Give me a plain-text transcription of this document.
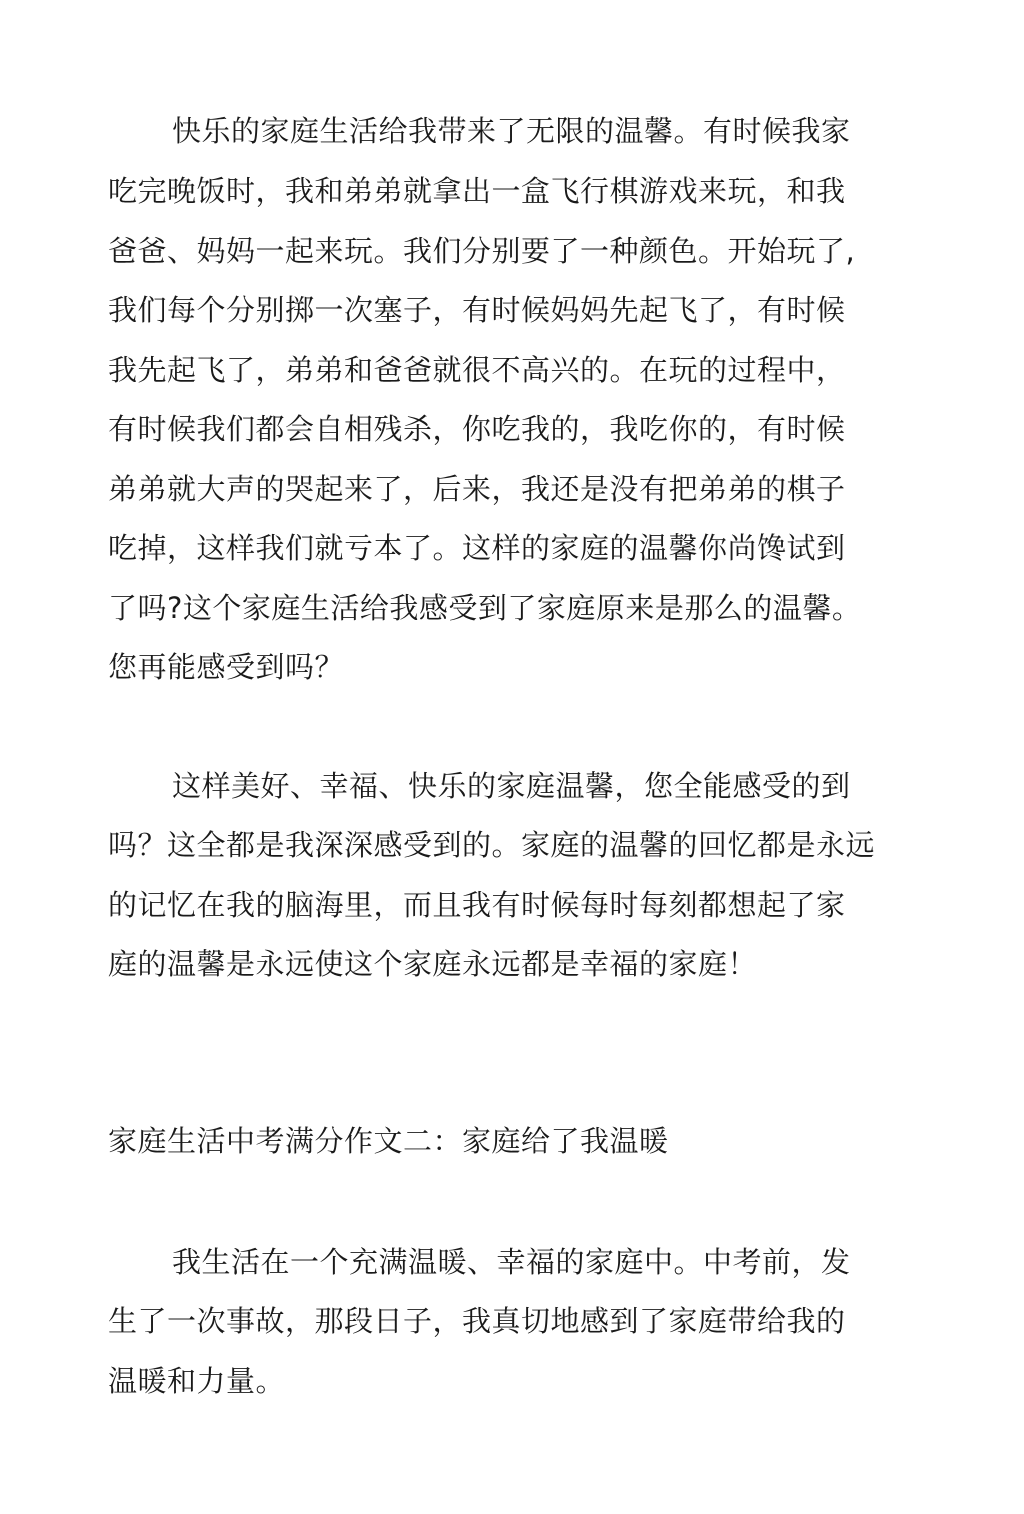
快乐的家庭生活给我带来了无限的温馨。有时候我家
吃完晚饭时，我和弟弟就拿出一盒飞行棋游戏来玩，和我
爸爸、妈妈一起来玩。我们分别要了一种颜色。开始玩了,
我们每个分别掷一次塞子，有时候妈妈先起飞了，有时候
我先起飞了，弟弟和爸爸就很不高兴的。在玩的过程中，
有时候我们都会自相残杀，你吃我的，我吃你的，有时候
弟弟就大声的哭起来了，后来，我还是没有把弟弟的棋子
吃掉，这样我们就亏本了。这样的家庭的温馨你尚馋试到
了吗?这个家庭生活给我感受到了家庭原来是那么的温馨。
您再能感受到吗？
这样美好、幸福、快乐的家庭温馨，您全能感受的到
吗？这全都是我深深感受到的。家庭的温馨的回忆都是永远
的记忆在我的脑海里，而且我有时候每时每刻都想起了家
庭的温馨是永远使这个家庭永远都是幸福的家庭！
家庭生活中考满分作文二：家庭给了我温暖
我生活在一个充满温暖、幸福的家庭中。中考前，发
生了一次事故，那段日子，我真切地感到了家庭带给我的
温暖和力量。
